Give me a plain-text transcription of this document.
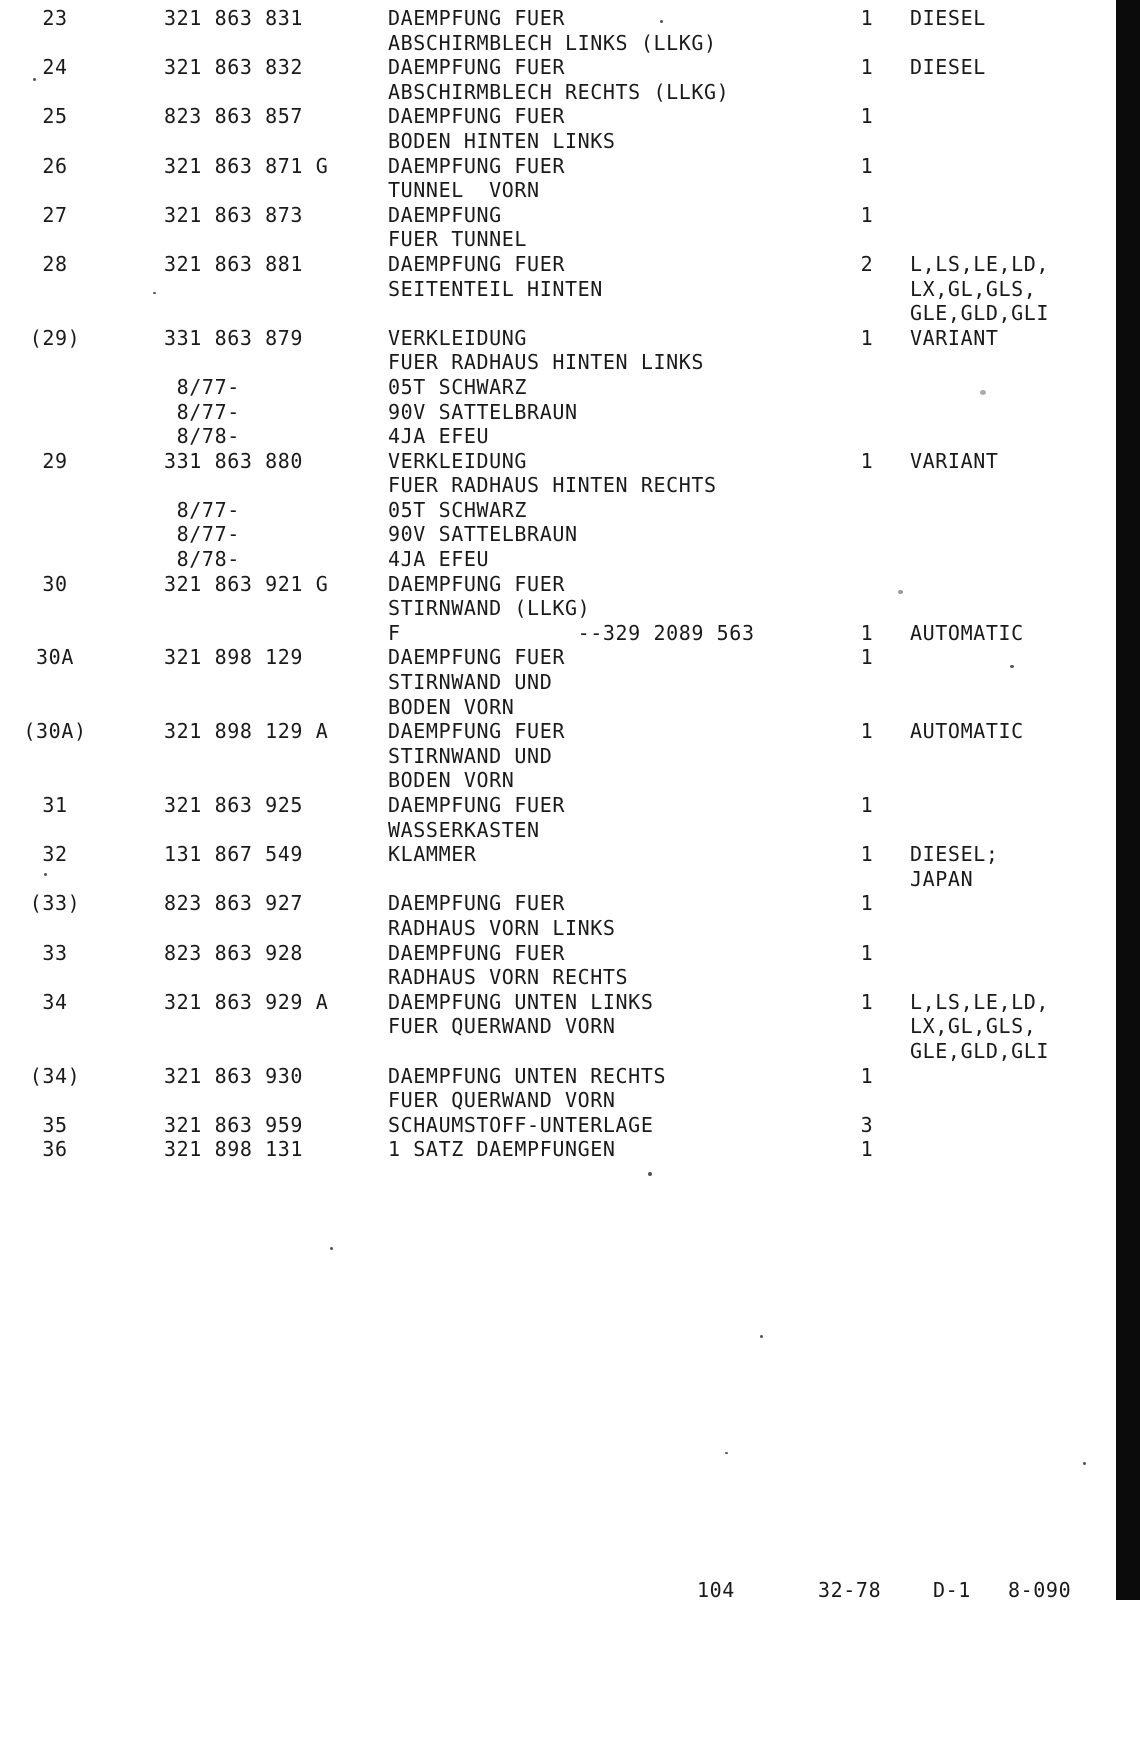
23	321 863 831	DAEMPFUNG FUER	1 DIESEL
ABSCHIRMBLECH LINKS (LLKG)
24	321 863 832	DAEMPFUNG FUER	1 DIESEL
ABSCHIRMBLECH RECHTS (LLKG)
25	823 863 857	DAEMPFUNG FUER	1
BODEN HINTEN LINKS
26	321 863 871 G	DAEMPFUNG FUER	1
TUNNEL  VORN
27	321 863 873	DAEMPFUNG	1
FUER TUNNEL
28	321 863 881	DAEMPFUNG FUER	2 L,LS,LE,LD,
SEITENTEIL HINTEN	LX,GL,GLS,
GLE,GLD,GLI
(29)	331 863 879	VERKLEIDUNG	1 VARIANT
FUER RADHAUS HINTEN LINKS
8/77-	05T SCHWARZ
8/77-	90V SATTELBRAUN
8/78-	4JA EFEU
29	331 863 880	VERKLEIDUNG	1 VARIANT
FUER RADHAUS HINTEN RECHTS
8/77-	05T SCHWARZ
8/77-	90V SATTELBRAUN
8/78-	4JA EFEU
30	321 863 921 G	DAEMPFUNG FUER
STIRNWAND (LLKG)
F              --329 2089 563	1 AUTOMATIC
30A	321 898 129	DAEMPFUNG FUER	1
STIRNWAND UND
BODEN VORN
(30A)	321 898 129 A	DAEMPFUNG FUER	1 AUTOMATIC
STIRNWAND UND
BODEN VORN
31	321 863 925	DAEMPFUNG FUER	1
WASSERKASTEN
32	131 867 549	KLAMMER	1 DIESEL;
JAPAN
(33)	823 863 927	DAEMPFUNG FUER	1
RADHAUS VORN LINKS
33	823 863 928	DAEMPFUNG FUER	1
RADHAUS VORN RECHTS
34	321 863 929 A	DAEMPFUNG UNTEN LINKS	1 L,LS,LE,LD,
FUER QUERWAND VORN	LX,GL,GLS,
GLE,GLD,GLI
(34)	321 863 930	DAEMPFUNG UNTEN RECHTS	1
FUER QUERWAND VORN
35	321 863 959	SCHAUMSTOFF-UNTERLAGE	3
36	321 898 131	1 SATZ DAEMPFUNGEN	1

104

	32-78

	D-1

8-090
